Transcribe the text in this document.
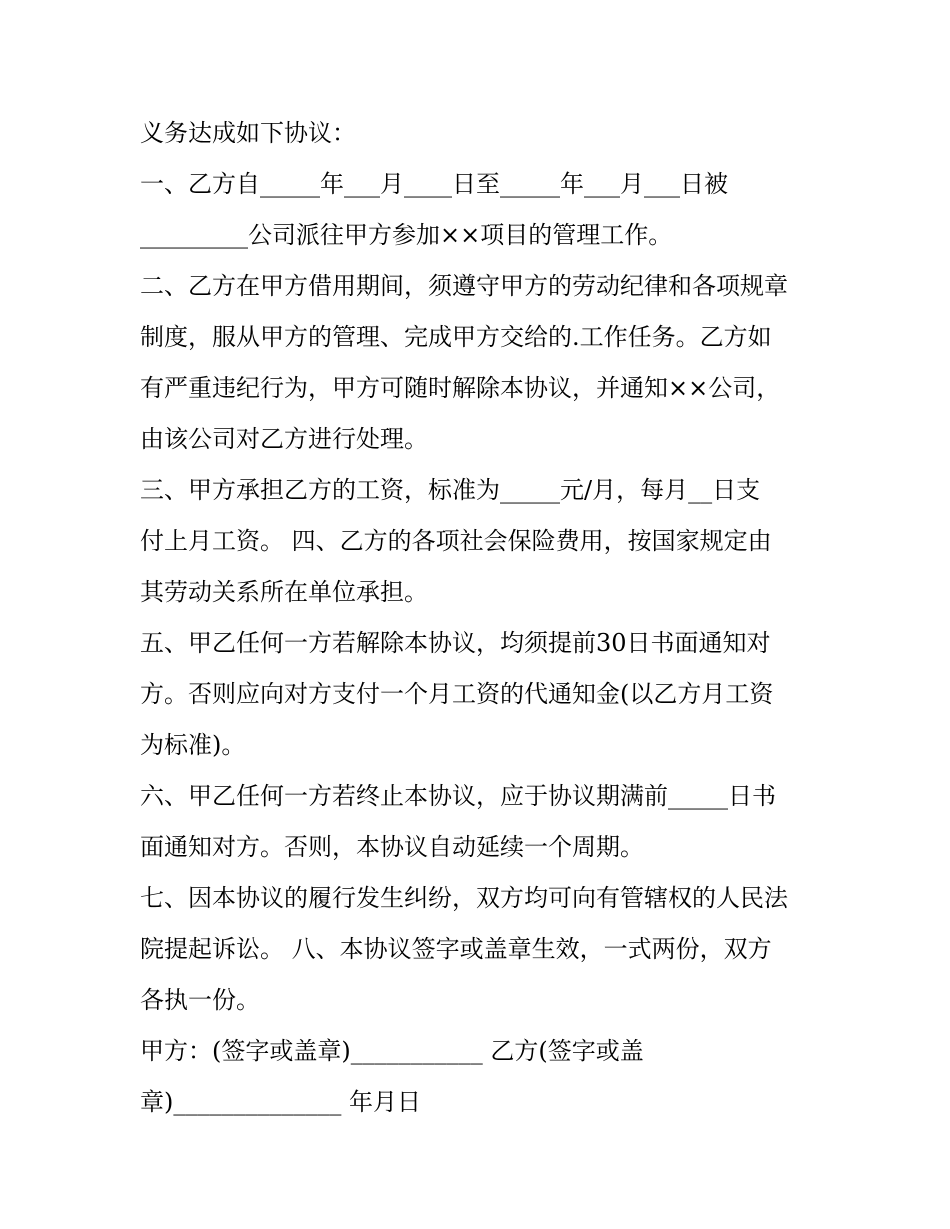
义务达成如下协议：

一、乙方自_____年___月____日至_____年___月___日被

_________公司派往甲方参加××项目的管理工作。

二、乙方在甲方借用期间，须遵守甲方的劳动纪律和各项规章

制度，服从甲方的管理、完成甲方交给的.工作任务。乙方如

有严重违纪行为，甲方可随时解除本协议，并通知××公司，

由该公司对乙方进行处理。

三、甲方承担乙方的工资，标准为_____元/月，每月__日支

付上月工资。 四、乙方的各项社会保险费用，按国家规定由

其劳动关系所在单位承担。

五、甲乙任何一方若解除本协议，均须提前30日书面通知对

方。否则应向对方支付一个月工资的代通知金(以乙方月工资

为标准)。

六、甲乙任何一方若终止本协议，应于协议期满前_____日书

面通知对方。否则，本协议自动延续一个周期。

七、因本协议的履行发生纠纷，双方均可向有管辖权的人民法

院提起诉讼。 八、本协议签字或盖章生效，一式两份，双方

各执一份。

甲方：(签字或盖章)___________ 乙方(签字或盖

章)______________ 年月日
